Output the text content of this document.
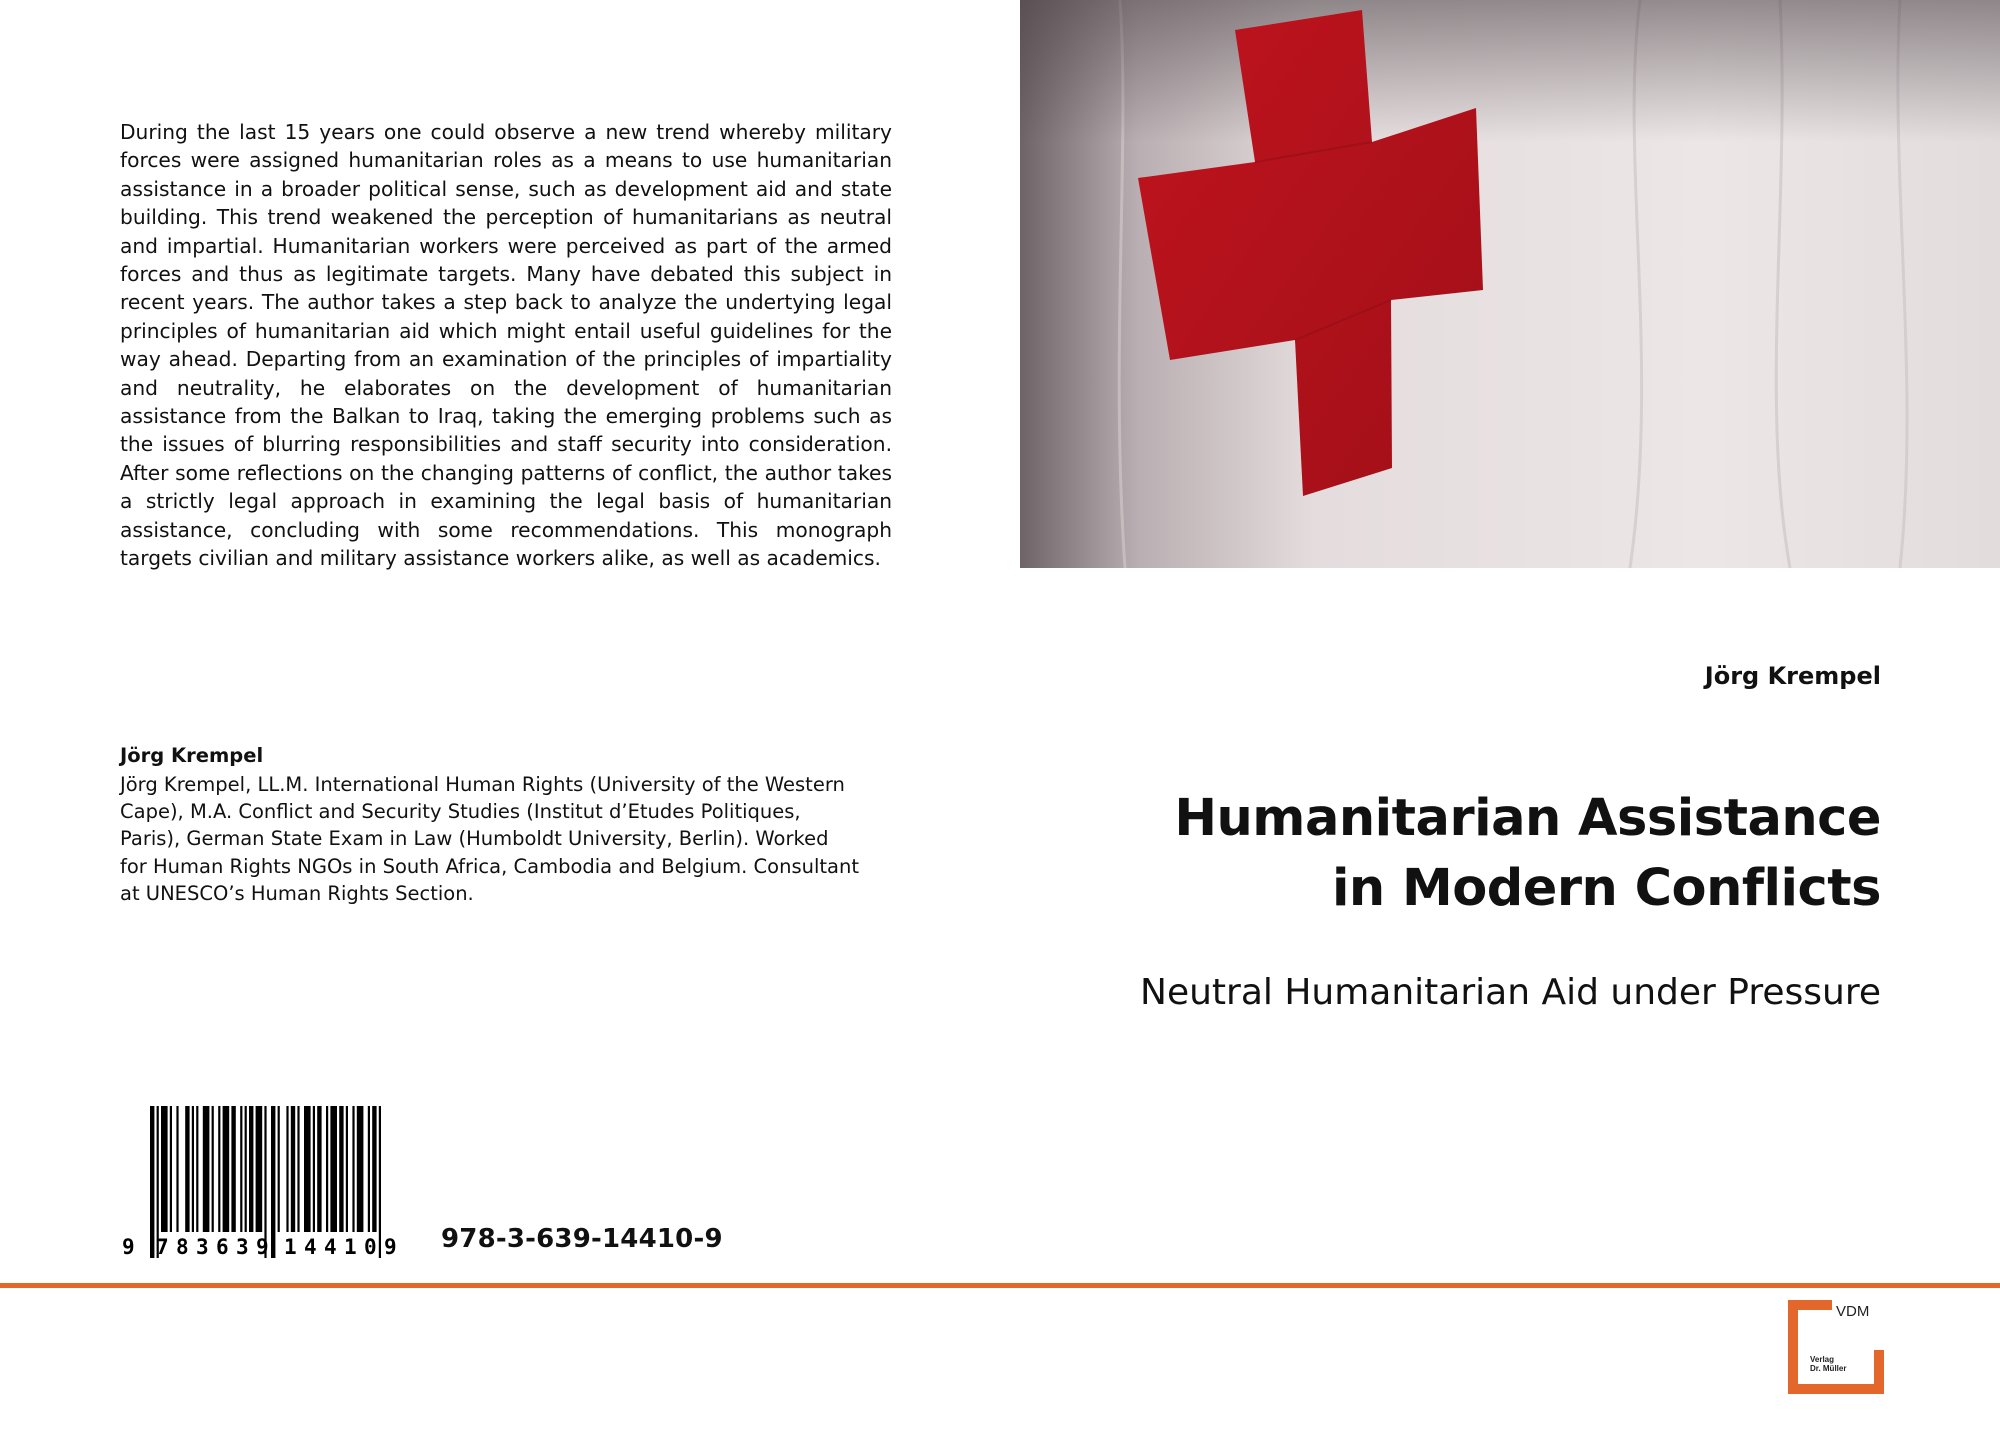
During the last 15 years one could observe a new trend whereby military forces were assigned humanitarian roles as a means to use humanitarian assistance in a broader political sense, such as development aid and state building. This trend weakened the perception of humanitarians as neutral and impartial. Humanitarian workers were perceived as part of the armed forces and thus as legitimate targets. Many have debated this subject in recent years. The author takes a step back to analyze the undertying legal principles of humanitarian aid which might entail useful guidelines for the way ahead. Departing from an examination of the principles of impartiality and neutrality, he elaborates on the development of humanitarian assistance from the Balkan to Iraq, taking the emerging problems such as the issues of blurring responsibilities and staff security into consideration. After some reflections on the changing patterns of conflict, the author takes a strictly legal approach in examining the legal basis of humanitarian assistance, concluding with some recommendations. This monograph targets civilian and military assistance workers alike, as well as academics.
Jörg Krempel
Jörg Krempel, LL.M. International Human Rights (University of the Western Cape), M.A. Conflict and Security Studies (Institut d’Etudes Politiques, Paris), German State Exam in Law (Humboldt University, Berlin). Worked for Human Rights NGOs in South Africa, Cambodia and Belgium. Consultant at UNESCO’s Human Rights Section.
9 7 8 3 6 3 9 1 4 4 1 0 9 978-3-639-14410-9
Jörg Krempel
Humanitarian Assistance
in Modern Conflicts
Neutral Humanitarian Aid under Pressure
VDM
Verlag
Dr. Müller
